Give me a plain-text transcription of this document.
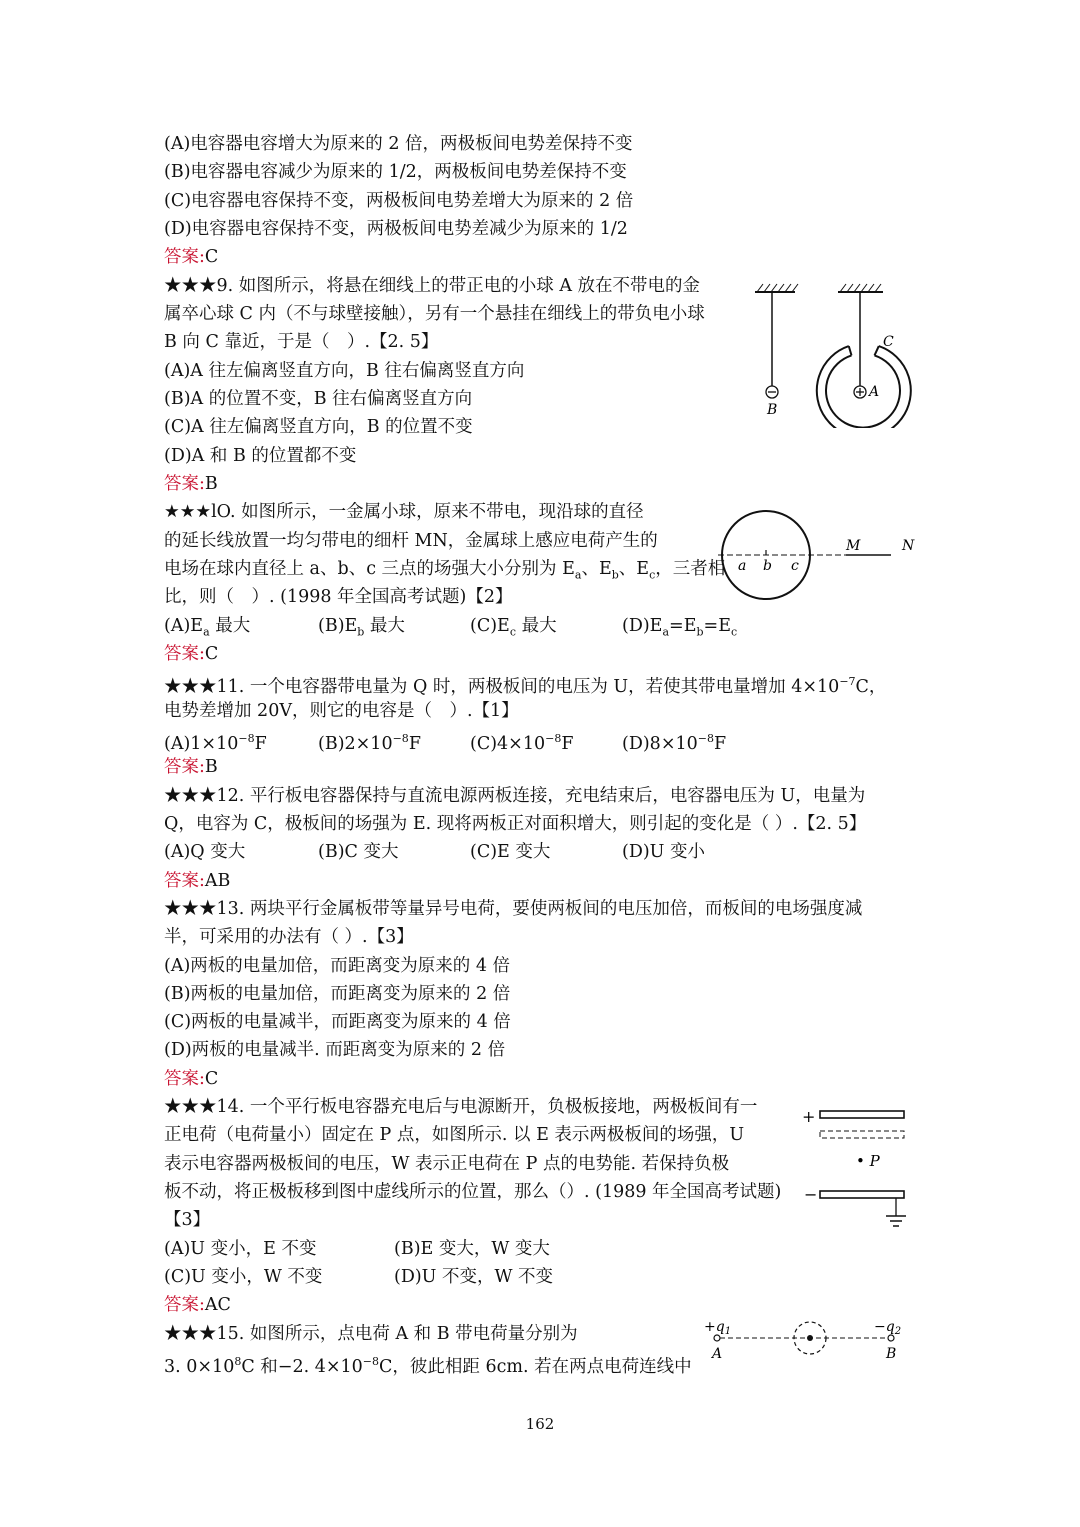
(A)电容器电容增大为原来的 2 倍，两极板间电势差保持不变
(B)电容器电容减少为原来的 1/2，两极板间电势差保持不变
(C)电容器电容保持不变，两极板间电势差增大为原来的 2 倍
(D)电容器电容保持不变，两极板间电势差减少为原来的 1/2
答案:C
★★★9. 如图所示，将悬在细线上的带正电的小球 A 放在不带电的金
属卒心球 C 内（不与球壁接触），另有一个悬挂在细线上的带负电小球
B 向 C 靠近，于是（　）.【2. 5】
(A)A 往左偏离竖直方向，B 往右偏离竖直方向
(B)A 的位置不变，B 往右偏离竖直方向
(C)A 往左偏离竖直方向，B 的位置不变
(D)A 和 B 的位置都不变
答案:B
B
A
C
★★★lO. 如图所示，一金属小球，原来不带电，现沿球的直径
的延长线放置一均匀带电的细杆 MN，金属球上感应电荷产生的
电场在球内直径上 a、b、c 三点的场强大小分别为 $E_a$、$E_b$、$E_c$，三者相
比，则（　）. (1998 年全国高考试题)【2】
$(A)E_a$ 最大	$(B)E_b$ 最大	$(C)E_c$ 最大	$(D)E_a=E_b=E_c$
答案:C
a b c
M	N
★★★11. 一个电容器带电量为 Q 时，两极板间的电压为 U，若使其带电量增加 $4\times 10^{-7}C$，
电势差增加 20V，则它的电容是（　）.【1】
$(A)1\times 10^{-8}F$	$(B)2\times 10^{-8}F$	$(C)4\times 10^{-8}F$	$(D)8\times 10^{-8}F$
答案:B
★★★12. 平行板电容器保持与直流电源两板连接，充电结束后，电容器电压为 U，电量为
Q，电容为 C，极板间的场强为 E. 现将两板正对面积增大，则引起的变化是（ ）.【2. 5】
(A)Q 变大	(B)C 变大	(C)E 变大	(D)U 变小
答案:AB
★★★13. 两块平行金属板带等量异号电荷，要使两板间的电压加倍，而板间的电场强度减
半，可采用的办法有（ ）.【3】
(A)两板的电量加倍，而距离变为原来的 4 倍
(B)两板的电量加倍，而距离变为原来的 2 倍
(C)两板的电量减半，而距离变为原来的 4 倍
(D)两板的电量减半. 而距离变为原来的 2 倍
答案:C
★★★14. 一个平行板电容器充电后与电源断开，负极板接地，两极板间有一
正电荷（电荷量小）固定在 P 点，如图所示. 以 E 表示两极板间的场强，U
表示电容器两极板间的电压，W 表示正电荷在 P 点的电势能. 若保持负极
板不动，将正极板移到图中虚线所示的位置，那么（）. (1989 年全国高考试题)
【3】
(A)U 变小，E 不变	(B)E 变大，W 变大
(C)U 变小，W 不变	(D)U 不变，W 不变
答案:AC
+
• P
−
★★★15. 如图所示，点电荷 A 和 B 带电荷量分别为
3. $0\times 10^8C$ 和−2. $4\times 10^{-8}C$，彼此相距 6cm. 若在两点电荷连线中
$+q_1$	$-q_2$
A	B
162
